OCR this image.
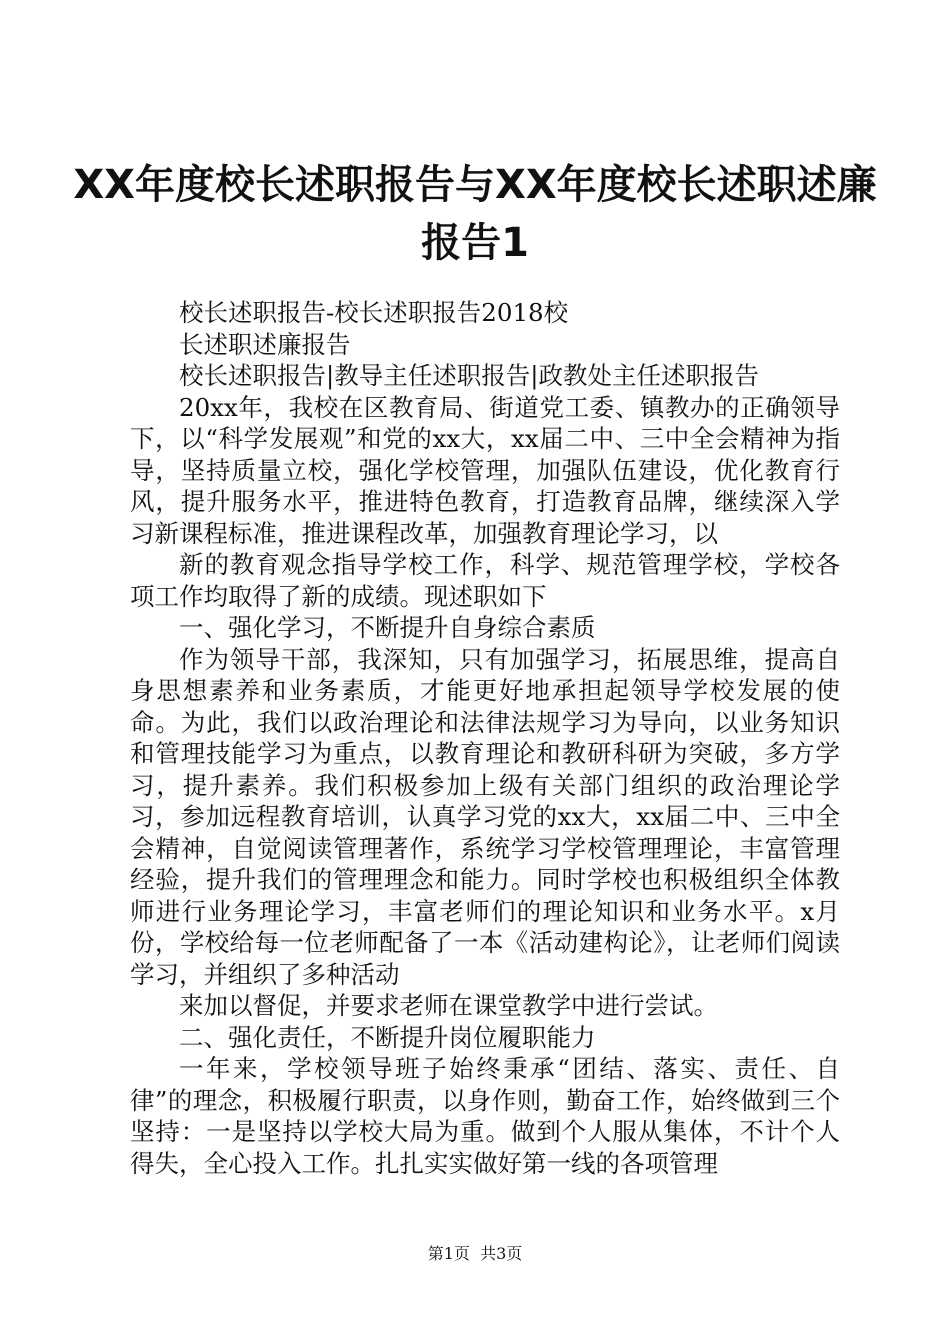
XX年度校长述职报告与XX年度校长述职述廉
报告1

校长述职报告-校长述职报告2018校

长述职述廉报告

校长述职报告|教导主任述职报告|政教处主任述职报告

20xx年，我校在区教育局、街道党工委、镇教办的正确领导下，以“科学发展观”和党的xx大，xx届二中、三中全会精神为指导，坚持质量立校，强化学校管理，加强队伍建设，优化教育行风，提升服务水平，推进特色教育，打造教育品牌，继续深入学习新课程标准，推进课程改革，加强教育理论学习，以

新的教育观念指导学校工作，科学、规范管理学校，学校各项工作均取得了新的成绩。现述职如下

一、强化学习，不断提升自身综合素质

作为领导干部，我深知，只有加强学习，拓展思维，提高自身思想素养和业务素质，才能更好地承担起领导学校发展的使命。为此，我们以政治理论和法律法规学习为导向，以业务知识和管理技能学习为重点，以教育理论和教研科研为突破，多方学习，提升素养。我们积极参加上级有关部门组织的政治理论学习，参加远程教育培训，认真学习党的xx大，xx届二中、三中全会精神，自觉阅读管理著作，系统学习学校管理理论，丰富管理经验，提升我们的管理理念和能力。同时学校也积极组织全体教师进行业务理论学习，丰富老师们的理论知识和业务水平。x月份，学校给每一位老师配备了一本《活动建构论》，让老师们阅读学习，并组织了多种活动

来加以督促，并要求老师在课堂教学中进行尝试。

二、强化责任，不断提升岗位履职能力

一年来，学校领导班子始终秉承“团结、落实、责任、自律”的理念，积极履行职责，以身作则，勤奋工作，始终做到三个坚持：一是坚持以学校大局为重。做到个人服从集体，不计个人得失，全心投入工作。扎扎实实做好第一线的各项管理

第1页  共3页
